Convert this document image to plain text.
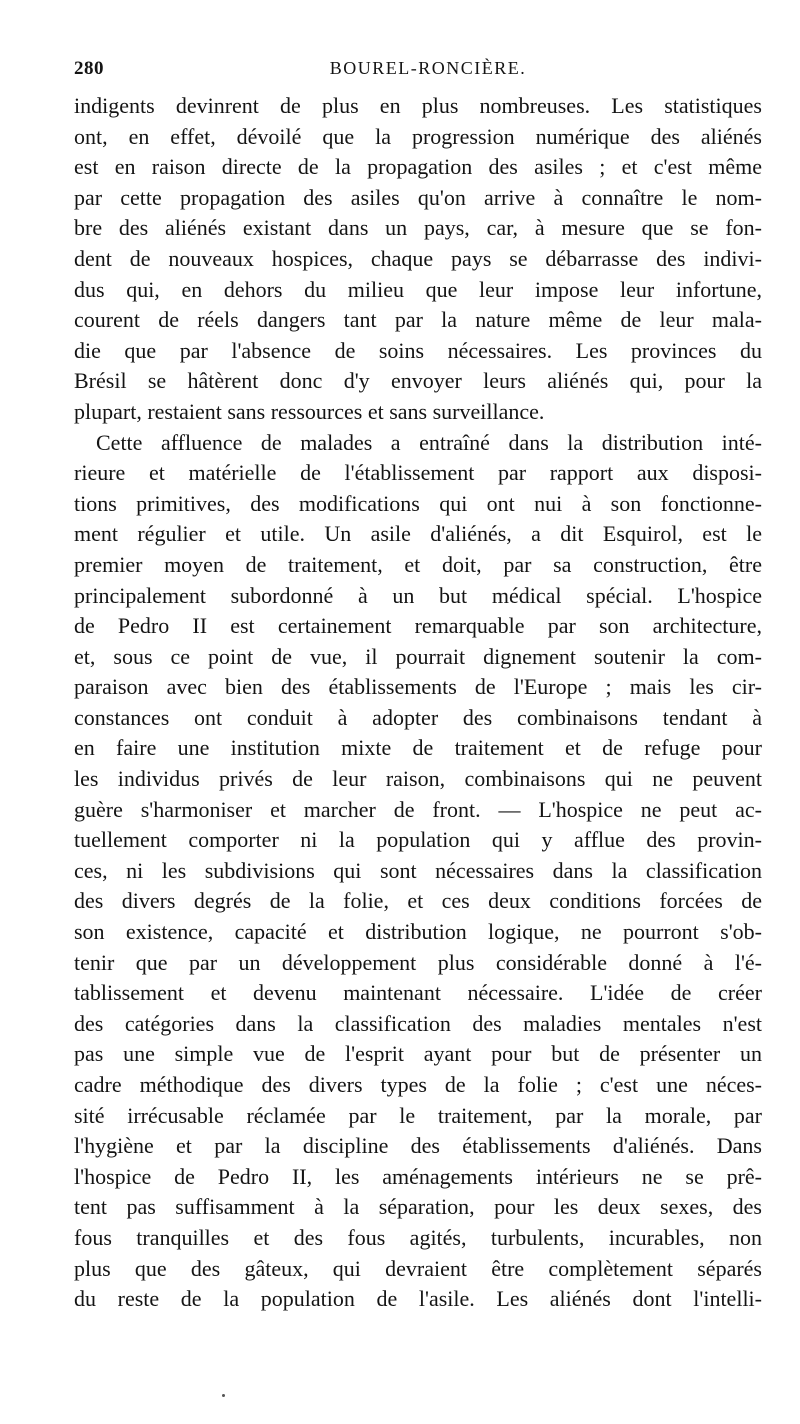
280	BOUREL-RONCIÈRE.
indigents devinrent de plus en plus nombreuses. Les statistiques
ont, en effet, dévoilé que la progression numérique des aliénés
est en raison directe de la propagation des asiles ; et c'est même
par cette propagation des asiles qu'on arrive à connaître le nom-
bre des aliénés existant dans un pays, car, à mesure que se fon-
dent de nouveaux hospices, chaque pays se débarrasse des indivi-
dus qui, en dehors du milieu que leur impose leur infortune,
courent de réels dangers tant par la nature même de leur mala-
die que par l'absence de soins nécessaires. Les provinces du
Brésil se hâtèrent donc d'y envoyer leurs aliénés qui, pour la
plupart, restaient sans ressources et sans surveillance.
Cette affluence de malades a entraîné dans la distribution inté-
rieure et matérielle de l'établissement par rapport aux disposi-
tions primitives, des modifications qui ont nui à son fonctionne-
ment régulier et utile. Un asile d'aliénés, a dit Esquirol, est le
premier moyen de traitement, et doit, par sa construction, être
principalement subordonné à un but médical spécial. L'hospice
de Pedro II est certainement remarquable par son architecture,
et, sous ce point de vue, il pourrait dignement soutenir la com-
paraison avec bien des établissements de l'Europe ; mais les cir-
constances ont conduit à adopter des combinaisons tendant à
en faire une institution mixte de traitement et de refuge pour
les individus privés de leur raison, combinaisons qui ne peuvent
guère s'harmoniser et marcher de front. — L'hospice ne peut ac-
tuellement comporter ni la population qui y afflue des provin-
ces, ni les subdivisions qui sont nécessaires dans la classification
des divers degrés de la folie, et ces deux conditions forcées de
son existence, capacité et distribution logique, ne pourront s'ob-
tenir que par un développement plus considérable donné à l'é-
tablissement et devenu maintenant nécessaire. L'idée de créer
des catégories dans la classification des maladies mentales n'est
pas une simple vue de l'esprit ayant pour but de présenter un
cadre méthodique des divers types de la folie ; c'est une néces-
sité irrécusable réclamée par le traitement, par la morale, par
l'hygiène et par la discipline des établissements d'aliénés. Dans
l'hospice de Pedro II, les aménagements intérieurs ne se prê-
tent pas suffisamment à la séparation, pour les deux sexes, des
fous tranquilles et des fous agités, turbulents, incurables, non
plus que des gâteux, qui devraient être complètement séparés
du reste de la population de l'asile. Les aliénés dont l'intelli-
